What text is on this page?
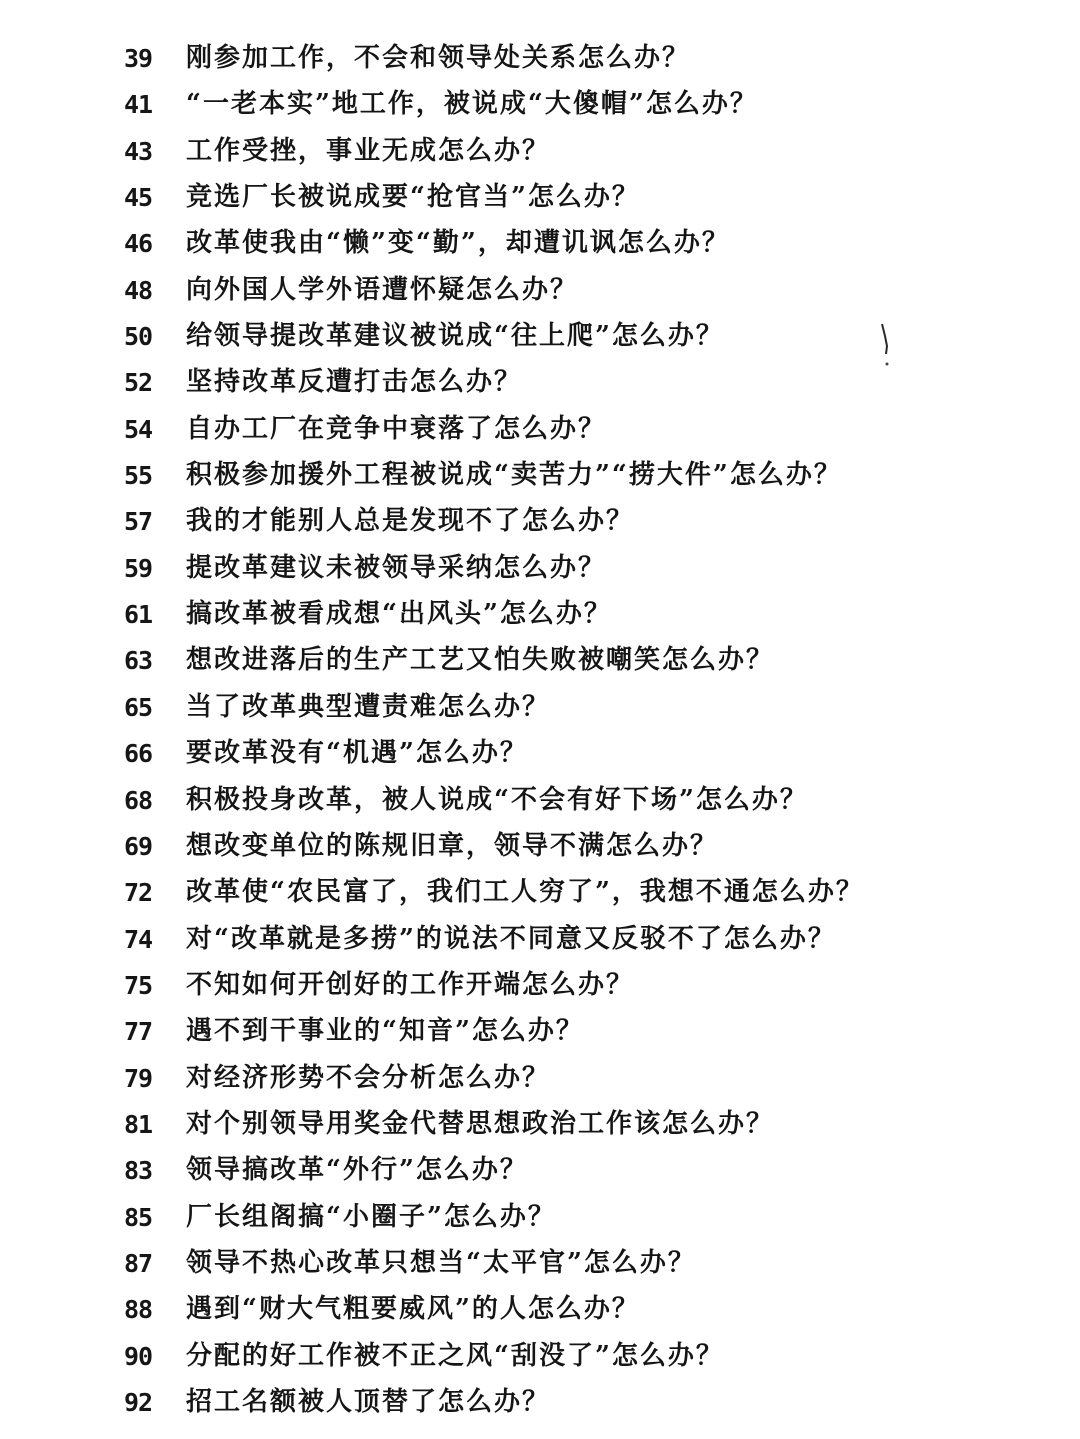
39	刚参加工作，不会和领导处关系怎么办？
41	“一老本实”地工作，被说成“大傻帽”怎么办？
43	工作受挫，事业无成怎么办？
45	竞选厂长被说成要“抢官当”怎么办？
46	改革使我由“懒”变“勤”，却遭讥讽怎么办？
48	向外国人学外语遭怀疑怎么办？
50	给领导提改革建议被说成“往上爬”怎么办？
52	坚持改革反遭打击怎么办？
54	自办工厂在竞争中衰落了怎么办？
55	积极参加援外工程被说成“卖苦力”“捞大件”怎么办？
57	我的才能别人总是发现不了怎么办？
59	提改革建议未被领导采纳怎么办？
61	搞改革被看成想“出风头”怎么办？
63	想改进落后的生产工艺又怕失败被嘲笑怎么办？
65	当了改革典型遭责难怎么办？
66	要改革没有“机遇”怎么办？
68	积极投身改革，被人说成“不会有好下场”怎么办？
69	想改变单位的陈规旧章，领导不满怎么办？
72	改革使“农民富了，我们工人穷了”，我想不通怎么办？
74	对“改革就是多捞”的说法不同意又反驳不了怎么办？
75	不知如何开创好的工作开端怎么办？
77	遇不到干事业的“知音”怎么办？
79	对经济形势不会分析怎么办？
81	对个别领导用奖金代替思想政治工作该怎么办？
83	领导搞改革“外行”怎么办？
85	厂长组阁搞“小圈子”怎么办？
87	领导不热心改革只想当“太平官”怎么办？
88	遇到“财大气粗要威风”的人怎么办？
90	分配的好工作被不正之风“刮没了”怎么办？
92	招工名额被人顶替了怎么办？
